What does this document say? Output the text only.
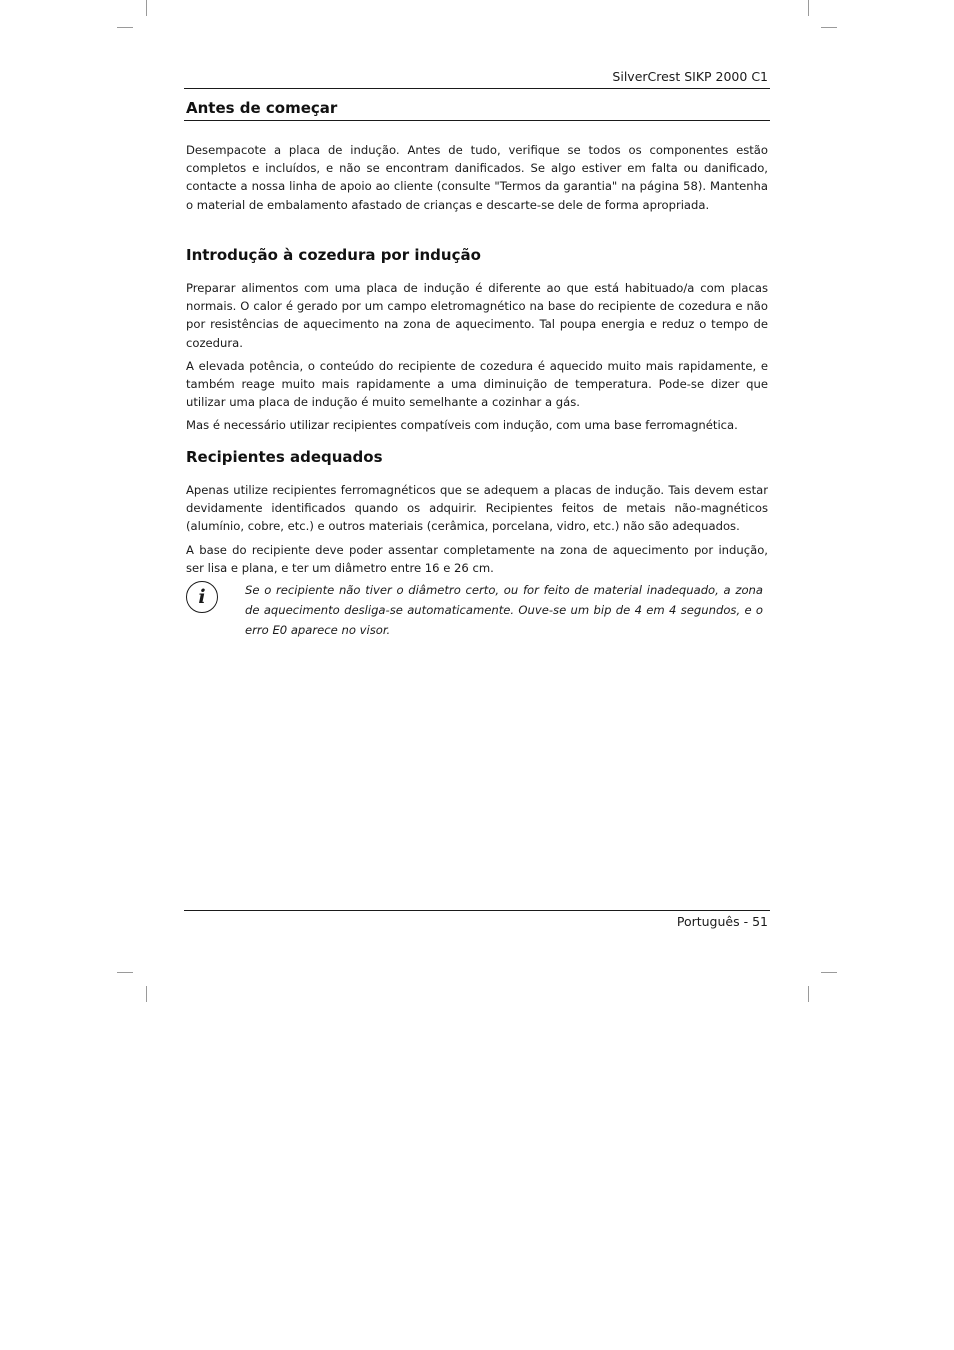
SilverCrest SIKP 2000 C1
Antes de começar

Desempacote a placa de indução. Antes de tudo, verifique se todos os componentes estão completos e incluídos, e não se encontram danificados. Se algo estiver em falta ou danificado, contacte a nossa linha de apoio ao cliente (consulte "Termos da garantia" na página 58). Mantenha o material de embalamento afastado de crianças e descarte-se dele de forma apropriada.

Introdução à cozedura por indução

Preparar alimentos com uma placa de indução é diferente ao que está habituado/a com placas normais. O calor é gerado por um campo eletromagnético na base do recipiente de cozedura e não por resistências de aquecimento na zona de aquecimento. Tal poupa energia e reduz o tempo de cozedura.

A elevada potência, o conteúdo do recipiente de cozedura é aquecido muito mais rapidamente, e também reage muito mais rapidamente a uma diminuição de temperatura. Pode-se dizer que utilizar uma placa de indução é muito semelhante a cozinhar a gás.

Mas é necessário utilizar recipientes compatíveis com indução, com uma base ferromagnética.

Recipientes adequados

Apenas utilize recipientes ferromagnéticos que se adequem a placas de indução. Tais devem estar devidamente identificados quando os adquirir. Recipientes feitos de metais não-magnéticos (alumínio, cobre, etc.) e outros materiais (cerâmica, porcelana, vidro, etc.) não são adequados.

A base do recipiente deve poder assentar completamente na zona de aquecimento por indução, ser lisa e plana, e ter um diâmetro entre 16 e 26 cm.

i	Se o recipiente não tiver o diâmetro certo, ou for feito de material inadequado, a zona de aquecimento desliga-se automaticamente. Ouve-se um bip de 4 em 4 segundos, e o erro E0 aparece no visor.

Português - 51
